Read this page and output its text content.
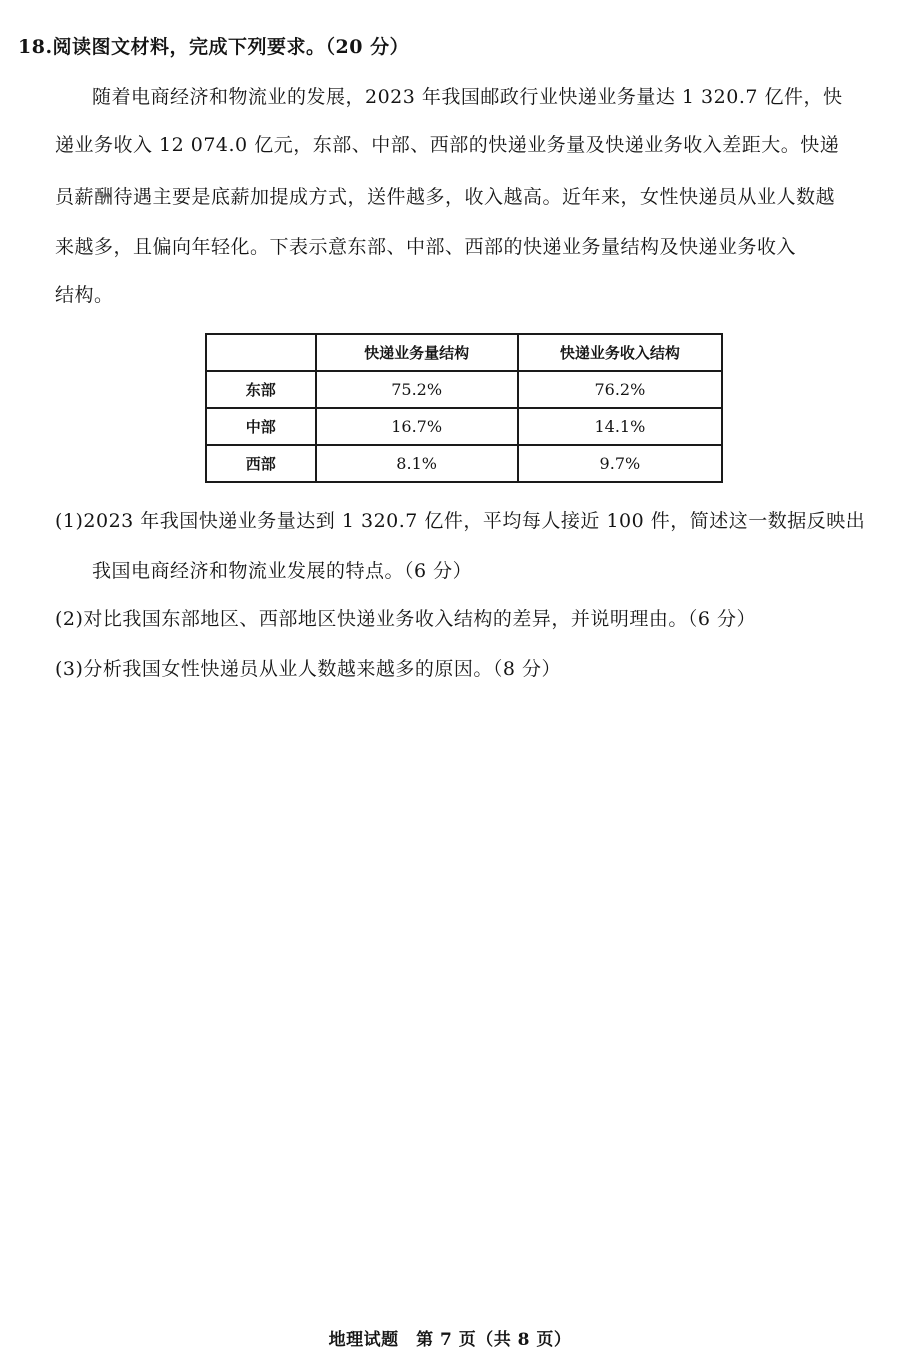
18.阅读图文材料，完成下列要求。（20 分）
随着电商经济和物流业的发展，2023 年我国邮政行业快递业务量达 1 320.7 亿件，快
递业务收入 12 074.0 亿元，东部、中部、西部的快递业务量及快递业务收入差距大。快递
员薪酬待遇主要是底薪加提成方式，送件越多，收入越高。近年来，女性快递员从业人数越
来越多，且偏向年轻化。下表示意东部、中部、西部的快递业务量结构及快递业务收入
结构。
	快递业务量结构	快递业务收入结构
东部	75.2%	76.2%
中部	16.7%	14.1%
西部	8.1%	9.7%
(1)2023 年我国快递业务量达到 1 320.7 亿件，平均每人接近 100 件，简述这一数据反映出
我国电商经济和物流业发展的特点。（6 分）
(2)对比我国东部地区、西部地区快递业务收入结构的差异，并说明理由。（6 分）
(3)分析我国女性快递员从业人数越来越多的原因。（8 分）
地理试题　第 7 页（共 8 页）
